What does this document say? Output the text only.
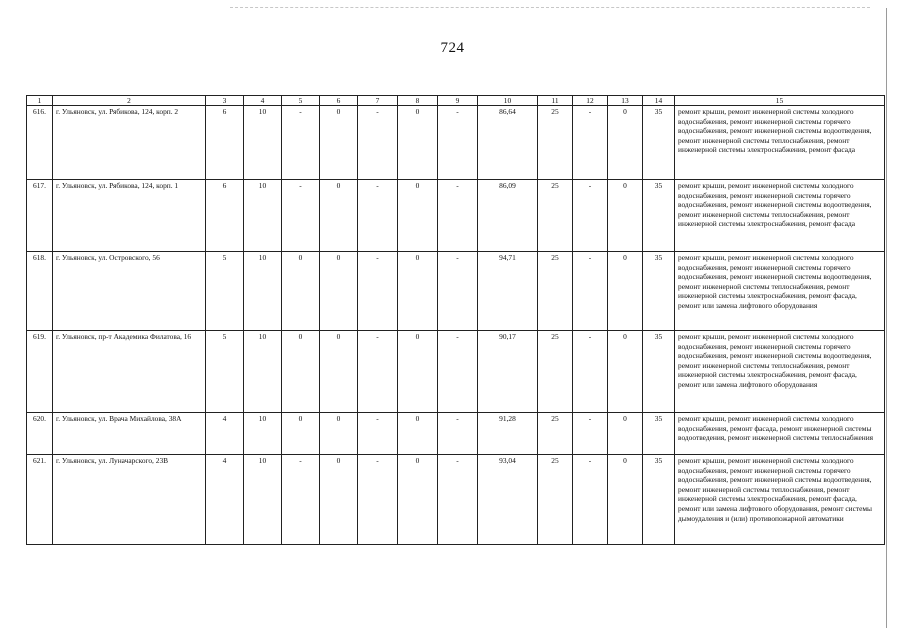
724
1	2	3	4	5	6	7	8	9	10	11	12	13	14	15
616.	г. Ульяновск, ул. Рябикова, 124, корп. 2	6	10	-	0	-	0	-	86,64	25	-	0	35	ремонт крыши, ремонт инженерной системы холодного водоснабжения, ремонт инженерной системы горячего водоснабжения, ремонт инженерной системы водоотведения, ремонт инженерной системы теплоснабжения, ремонт инженерной системы электроснабжения, ремонт фасада
617.	г. Ульяновск, ул. Рябикова, 124, корп. 1	6	10	-	0	-	0	-	86,09	25	-	0	35	ремонт крыши, ремонт инженерной системы холодного водоснабжения, ремонт инженерной системы горячего водоснабжения, ремонт инженерной системы водоотведения, ремонт инженерной системы теплоснабжения, ремонт инженерной системы электроснабжения, ремонт фасада
618.	г. Ульяновск, ул. Островского, 56	5	10	0	0	-	0	-	94,71	25	-	0	35	ремонт крыши, ремонт инженерной системы холодного водоснабжения, ремонт инженерной системы горячего водоснабжения, ремонт инженерной системы водоотведения, ремонт инженерной системы теплоснабжения, ремонт инженерной системы электроснабжения, ремонт фасада, ремонт или замена лифтового оборудования
619.	г. Ульяновск, пр-т Академика Филатова, 16	5	10	0	0	-	0	-	90,17	25	-	0	35	ремонт крыши, ремонт инженерной системы холодного водоснабжения, ремонт инженерной системы горячего водоснабжения, ремонт инженерной системы водоотведения, ремонт инженерной системы теплоснабжения, ремонт инженерной системы электроснабжения, ремонт фасада, ремонт или замена лифтового оборудования
620.	г. Ульяновск, ул. Врача Михайлова, 38А	4	10	0	0	-	0	-	91,28	25	-	0	35	ремонт крыши, ремонт инженерной системы холодного водоснабжения, ремонт фасада, ремонт инженерной системы водоотведения, ремонт инженерной системы теплоснабжения
621.	г. Ульяновск, ул. Луначарского, 23В	4	10	-	0	-	0	-	93,04	25	-	0	35	ремонт крыши, ремонт инженерной системы холодного водоснабжения, ремонт инженерной системы горячего водоснабжения, ремонт инженерной системы водоотведения, ремонт инженерной системы теплоснабжения, ремонт инженерной системы электроснабжения, ремонт фасада, ремонт или замена лифтового оборудования, ремонт системы дымоудаления и (или) противопожарной автоматики
